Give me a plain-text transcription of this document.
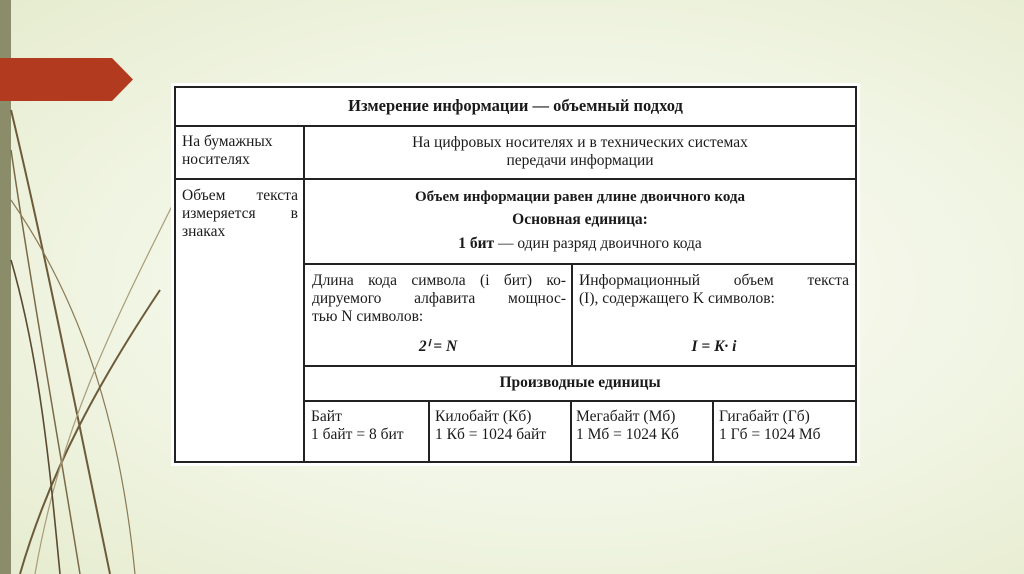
Измерение информации — объемный подход
На бумажных
носителях
На цифровых носителях и в технических системах
передачи информации
Объем текста
измеряется в
знаках
Объем информации равен длине двоичного кода
Основная единица:
1 бит — один разряд двоичного кода
Длина кода символа (i бит) ко-
дируемого алфавита мощнос-
тью N символов:
2ⁱ = N
Информационный объем текста
(I), содержащего K символов:
I = K· i
Производные единицы
Байт
1 байт = 8 бит
Килобайт (Кб)
1 Кб = 1024 байт
Мегабайт (Мб)
1 Мб = 1024 Кб
Гигабайт (Гб)
1 Гб = 1024 Мб
